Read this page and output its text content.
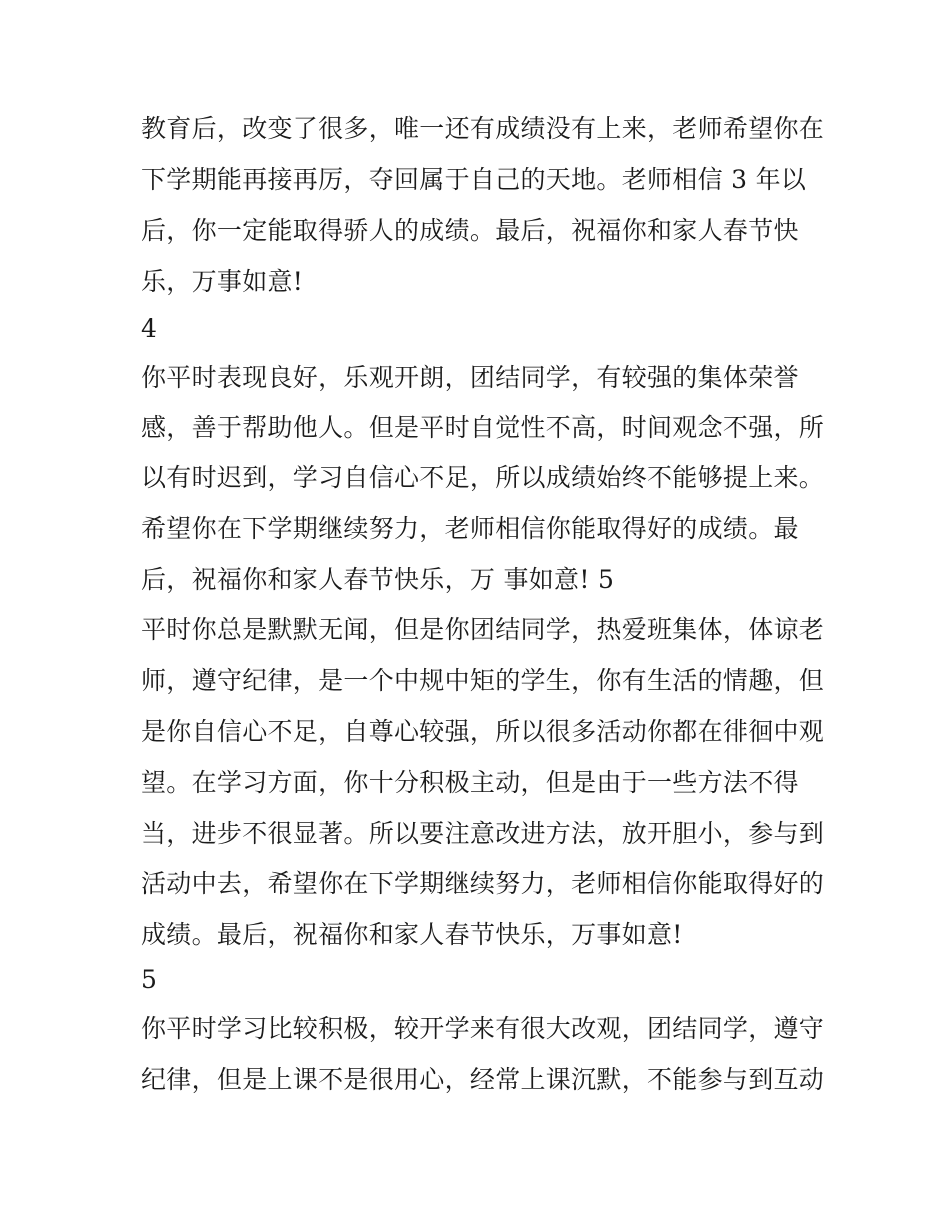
教育后，改变了很多，唯一还有成绩没有上来，老师希望你在

下学期能再接再厉，夺回属于自己的天地。老师相信 3 年以

后，你一定能取得骄人的成绩。最后，祝福你和家人春节快

乐，万事如意!

4

你平时表现良好，乐观开朗，团结同学，有较强的集体荣誉

感，善于帮助他人。但是平时自觉性不高，时间观念不强，所

以有时迟到，学习自信心不足，所以成绩始终不能够提上来。

希望你在下学期继续努力，老师相信你能取得好的成绩。最

后，祝福你和家人春节快乐，万 事如意! 5

平时你总是默默无闻，但是你团结同学，热爱班集体，体谅老

师，遵守纪律，是一个中规中矩的学生，你有生活的情趣，但

是你自信心不足，自尊心较强，所以很多活动你都在徘徊中观

望。在学习方面，你十分积极主动，但是由于一些方法不得

当，进步不很显著。所以要注意改进方法，放开胆小，参与到

活动中去，希望你在下学期继续努力，老师相信你能取得好的

成绩。最后，祝福你和家人春节快乐，万事如意!

5

你平时学习比较积极，较开学来有很大改观，团结同学，遵守

纪律，但是上课不是很用心，经常上课沉默，不能参与到互动
